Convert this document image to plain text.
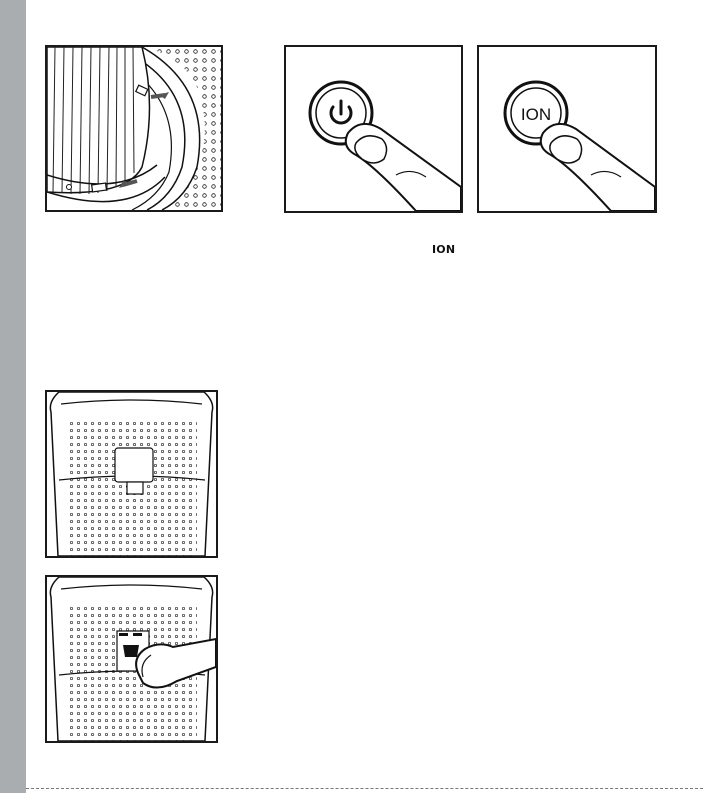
ION
ION
